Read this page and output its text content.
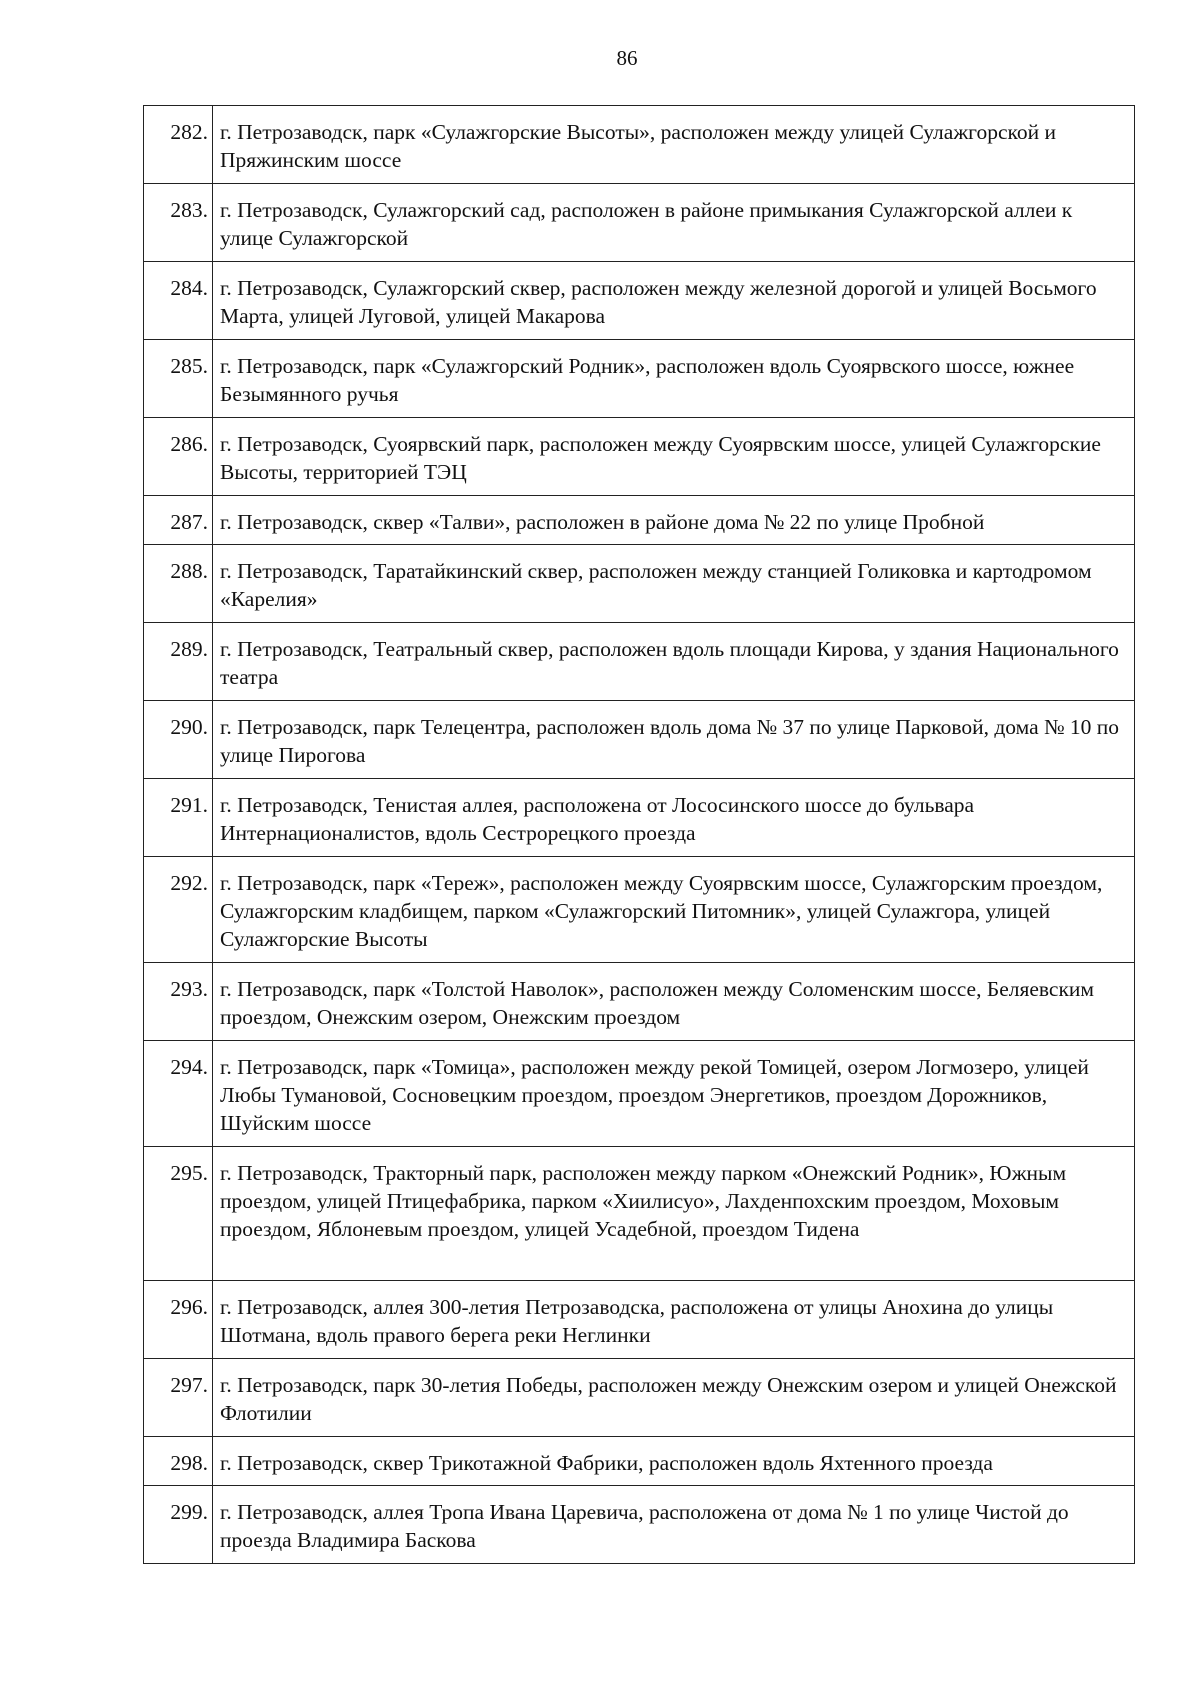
86
282.	г. Петрозаводск, парк «Сулажгорские Высоты», расположен между улицей Сулажгорской и Пряжинским шоссе
283.	г. Петрозаводск, Сулажгорский сад, расположен в районе примыкания Сулажгорской аллеи к улице Сулажгорской
284.	г. Петрозаводск, Сулажгорский сквер, расположен между железной дорогой и улицей Восьмого Марта, улицей Луговой, улицей Макарова
285.	г. Петрозаводск, парк «Сулажгорский Родник», расположен вдоль Суоярвского шоссе, южнее Безымянного ручья
286.	г. Петрозаводск, Суоярвский парк, расположен между Суоярвским шоссе, улицей Сулажгорские Высоты, территорией ТЭЦ
287.	г. Петрозаводск, сквер «Талви», расположен в районе дома № 22 по улице Пробной
288.	г. Петрозаводск, Таратайкинский сквер, расположен между станцией Голиковка и картодромом «Карелия»
289.	г. Петрозаводск, Театральный сквер, расположен вдоль площади Кирова, у здания Национального театра
290.	г. Петрозаводск, парк Телецентра, расположен вдоль дома № 37 по улице Парковой, дома № 10 по улице Пирогова
291.	г. Петрозаводск, Тенистая аллея, расположена от Лососинского шоссе до бульвара Интернационалистов, вдоль Сестрорецкого проезда
292.	г. Петрозаводск, парк «Тереж», расположен между Суоярвским шоссе, Сулажгорским проездом, Сулажгорским кладбищем, парком «Сулажгорский Питомник», улицей Сулажгора, улицей Сулажгорские Высоты
293.	г. Петрозаводск, парк «Толстой Наволок», расположен между Соломенским шоссе, Беляевским проездом, Онежским озером, Онежским проездом
294.	г. Петрозаводск, парк «Томица», расположен между рекой Томицей, озером Логмозеро, улицей Любы Тумановой, Сосновецким проездом, проездом Энергетиков, проездом Дорожников, Шуйским шоссе
295.	г. Петрозаводск, Тракторный парк, расположен между парком «Онежский Родник», Южным проездом, улицей Птицефабрика, парком «Хиилисуо», Лахденпохским проездом, Моховым проездом, Яблоневым проездом, улицей Усадебной, проездом Тидена
296.	г. Петрозаводск, аллея 300-летия Петрозаводска, расположена от улицы Анохина до улицы Шотмана, вдоль правого берега реки Неглинки
297.	г. Петрозаводск, парк 30-летия Победы, расположен между Онежским озером и улицей Онежской Флотилии
298.	г. Петрозаводск, сквер Трикотажной Фабрики, расположен вдоль Яхтенного проезда
299.	г. Петрозаводск, аллея Тропа Ивана Царевича, расположена от дома № 1 по улице Чистой до проезда Владимира Баскова
